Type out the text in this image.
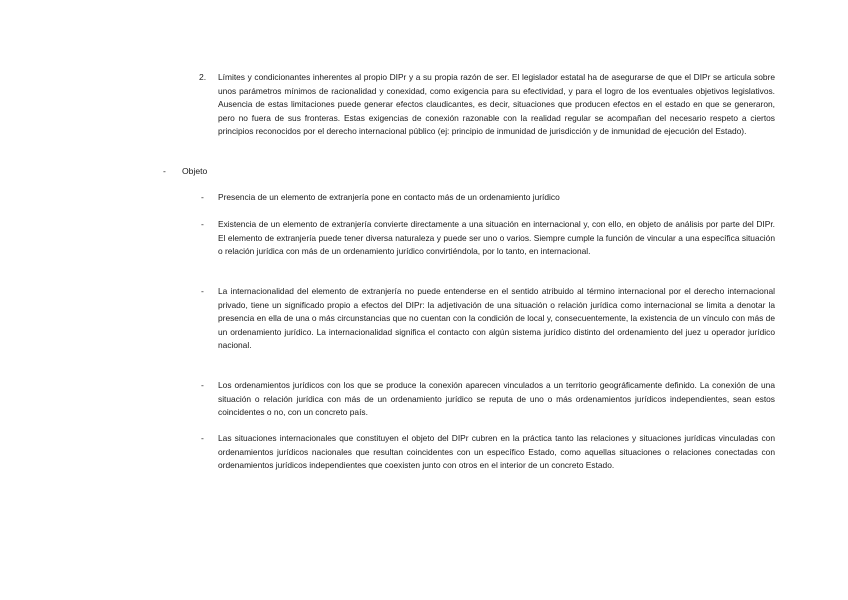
2. Límites y condicionantes inherentes al propio DIPr y a su propia razón de ser. El legislador estatal ha de asegurarse de que el DIPr se articula sobre unos parámetros mínimos de racionalidad y conexidad, como exigencia para su efectividad, y para el logro de los eventuales objetivos legislativos. Ausencia de estas limitaciones puede generar efectos claudicantes, es decir, situaciones que producen efectos en el estado en que se generaron, pero no fuera de sus fronteras. Estas exigencias de conexión razonable con la realidad regular se acompañan del necesario respeto a ciertos principios reconocidos por el derecho internacional público (ej: principio de inmunidad de jurisdicción y de inmunidad de ejecución del Estado).

- Objeto
- Presencia de un elemento de extranjería pone en contacto más de un ordenamiento jurídico

- Existencia de un elemento de extranjería convierte directamente a una situación en internacional y, con ello, en objeto de análisis por parte del DIPr. El elemento de extranjería puede tener diversa naturaleza y puede ser uno o varios. Siempre cumple la función de vincular a una específica situación o relación jurídica con más de un ordenamiento jurídico convirtiéndola, por lo tanto, en internacional.

- La internacionalidad del elemento de extranjería no puede entenderse en el sentido atribuido al término internacional por el derecho internacional privado, tiene un significado propio a efectos del DIPr: la adjetivación de una situación o relación jurídica como internacional se limita a denotar la presencia en ella de una o más circunstancias que no cuentan con la condición de local y, consecuentemente, la existencia de un vínculo con más de un ordenamiento jurídico. La internacionalidad significa el contacto con algún sistema jurídico distinto del ordenamiento del juez u operador jurídico nacional.

- Los ordenamientos jurídicos con los que se produce la conexión aparecen vinculados a un territorio geográficamente definido. La conexión de una situación o relación jurídica con más de un ordenamiento jurídico se reputa de uno o más ordenamientos jurídicos independientes, sean estos coincidentes o no, con un concreto país.

- Las situaciones internacionales que constituyen el objeto del DIPr cubren en la práctica tanto las relaciones y situaciones jurídicas vinculadas con ordenamientos jurídicos nacionales que resultan coincidentes con un específico Estado, como aquellas situaciones o relaciones conectadas con ordenamientos jurídicos independientes que coexisten junto con otros en el interior de un concreto Estado.
